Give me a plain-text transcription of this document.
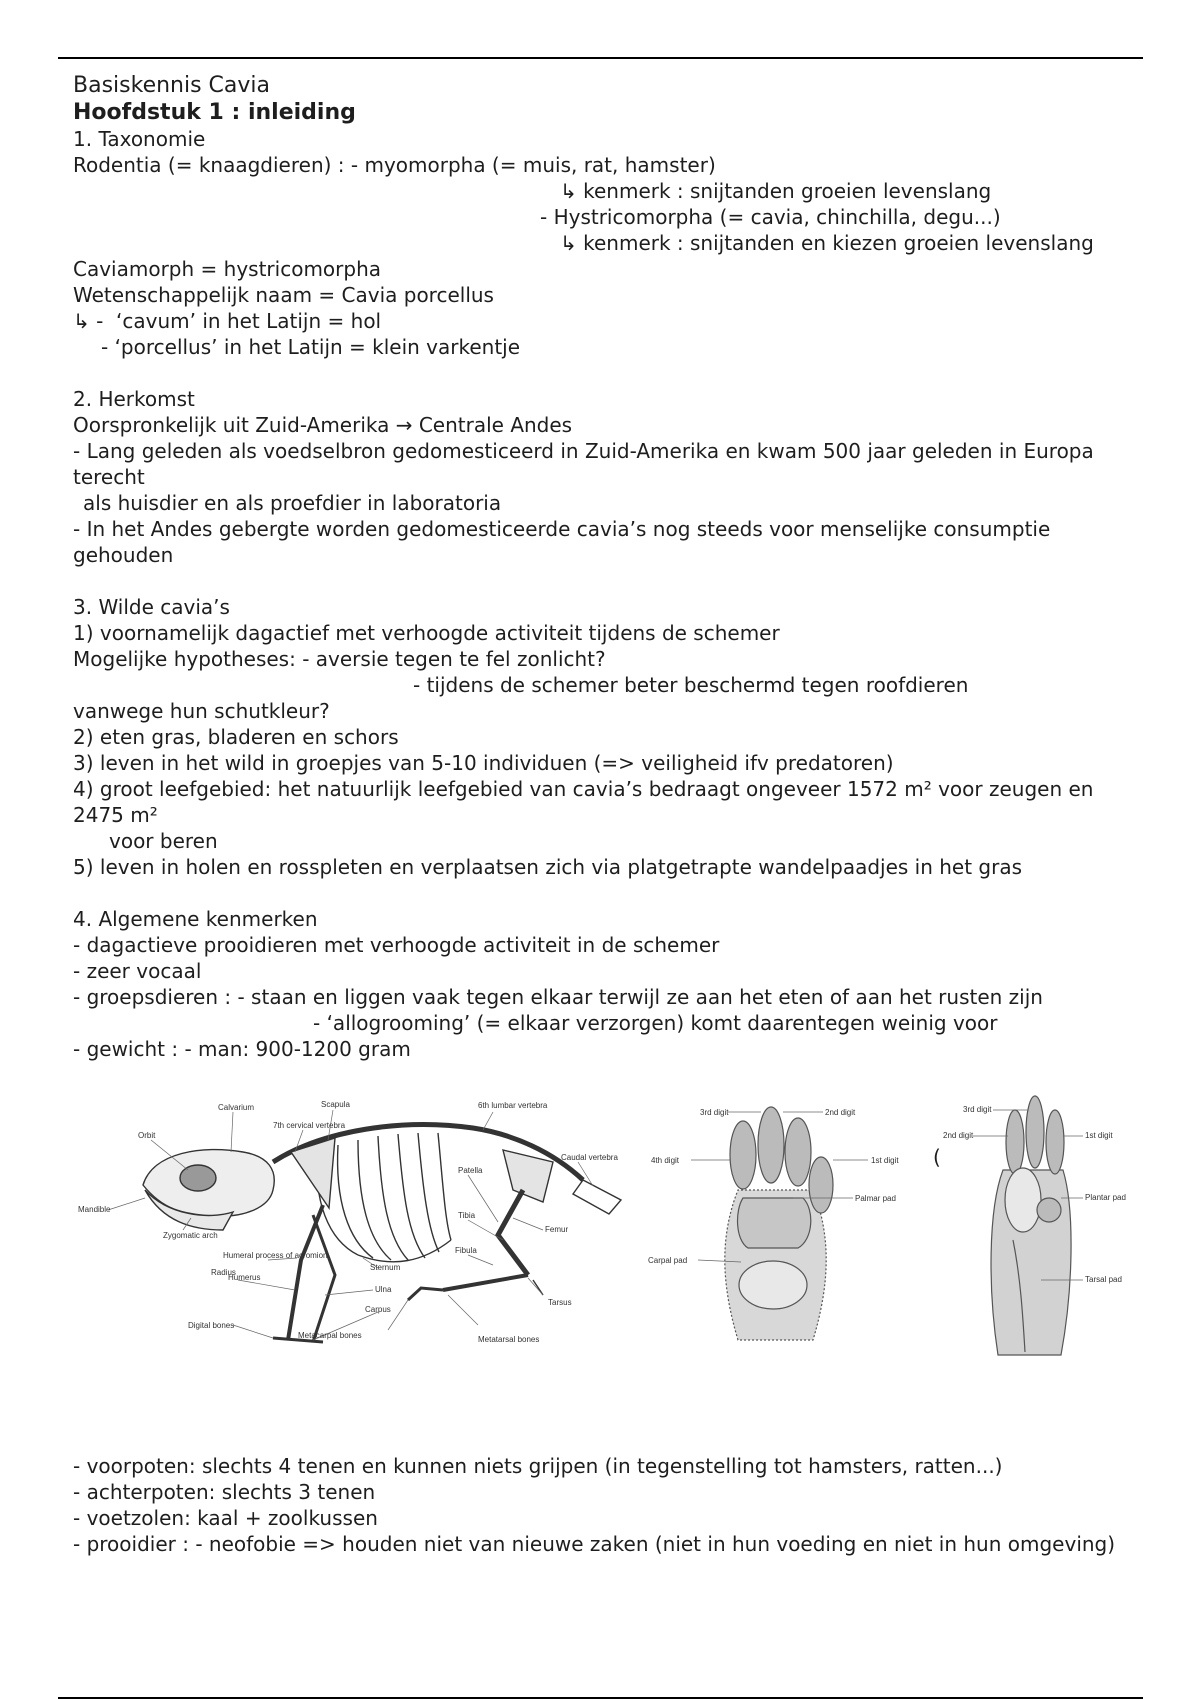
Basiskennis Cavia
Hoofdstuk 1 : inleiding
1. Taxonomie
Rodentia (= knaagdieren) : - myomorpha (= muis, rat, hamster)
↳ kenmerk : snijtanden groeien levenslang
- Hystricomorpha (= cavia, chinchilla, degu...)
↳ kenmerk : snijtanden en kiezen groeien levenslang
Caviamorph = hystricomorpha
Wetenschappelijk naam = Cavia porcellus
↳ -  ‘cavum’ in het Latijn = hol
- ‘porcellus’ in het Latijn = klein varkentje
2. Herkomst
Oorspronkelijk uit Zuid-Amerika → Centrale Andes
- Lang geleden als voedselbron gedomesticeerd in Zuid-Amerika en kwam 500 jaar geleden in Europa terecht
als huisdier en als proefdier in laboratoria
- In het Andes gebergte worden gedomesticeerde cavia’s nog steeds voor menselijke consumptie gehouden
3. Wilde cavia’s
1) voornamelijk dagactief met verhoogde activiteit tijdens de schemer
Mogelijke hypotheses: - aversie tegen te fel zonlicht?
- tijdens de schemer beter beschermd tegen roofdieren
vanwege hun schutkleur?
2) eten gras, bladeren en schors
3) leven in het wild in groepjes van 5-10 individuen (=> veiligheid ifv predatoren)
4) groot leefgebied: het natuurlijk leefgebied van cavia’s bedraagt ongeveer 1572 m² voor zeugen en 2475 m²
voor beren
5) leven in holen en rosspleten en verplaatsen zich via platgetrapte wandelpaadjes in het gras
4. Algemene kenmerken
- dagactieve prooidieren met verhoogde activiteit in de schemer
- zeer vocaal
- groepsdieren : - staan en liggen vaak tegen elkaar terwijl ze aan het eten of aan het rusten zijn
- ‘allogrooming’ (= elkaar verzorgen) komt daarentegen weinig voor
- gewicht : - man: 900-1200 gram
Orbit
Calvarium
7th cervical vertebra
Scapula	6th lumbar vertebra
Caudal vertebra
Mandible
Zygomatic arch
Humeral process of acromion
Humerus
Radius
Ulna
Sternum
Patella
Tibia
Fibula
Femur
Carpus
Digital bones
Metacarpal bones
Tarsus
Metatarsal bones
3rd digit	2nd digit
4th digit	1st digit
Palmar pad
Carpal pad
(
3rd digit
2nd digit	1st digit
Plantar pad
Tarsal pad
- voorpoten: slechts 4 tenen en kunnen niets grijpen (in tegenstelling tot hamsters, ratten...)
- achterpoten: slechts 3 tenen
- voetzolen: kaal + zoolkussen
- prooidier : - neofobie => houden niet van nieuwe zaken (niet in hun voeding en niet in hun omgeving)
